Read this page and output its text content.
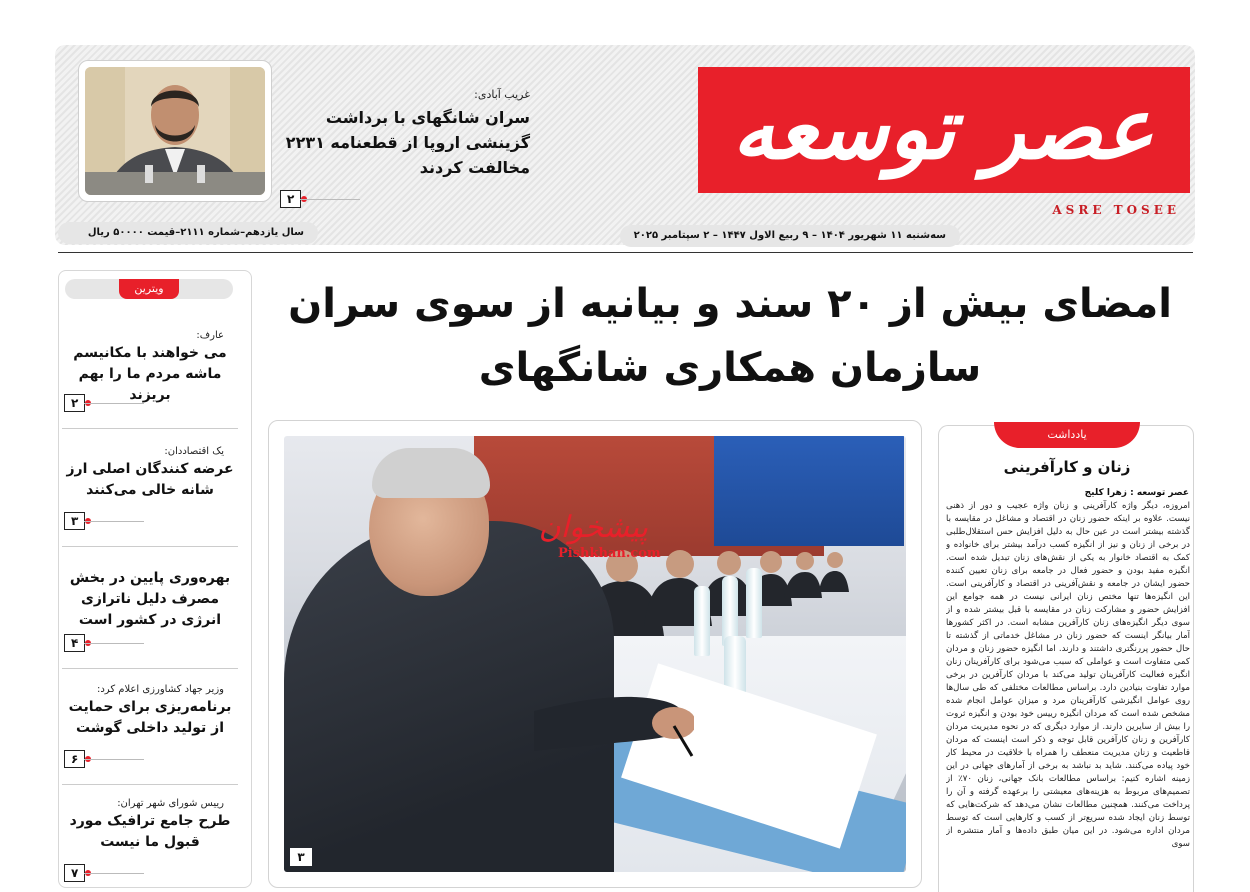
عصر توسعه
ASRE TOSEE
غریب آبادی:
سران شانگهای با برداشت گزینشی اروپا از قطعنامه ۲۲۳۱ مخالفت کردند
۲
سه‌شنبه ۱۱ شهریور ۱۴۰۴ – ۹ ربیع الاول ۱۴۴۷ – ۲ سپتامبر ۲۰۲۵
سال یازدهم–شماره ۲۱۱۱–قیمت ۵۰۰۰۰ ریال
ویترین
عارف:
می خواهند با مکانیسم ماشه مردم ما را بهم بریزند
۲
یک اقتصاددان:
عرضه کنندگان اصلی ارز شانه خالی می‌کنند
۳
بهره‌وری پایین در بخش مصرف دلیل ناترازی انرژی در کشور است
۴
وزیر جهاد کشاورزی اعلام کرد:
برنامه‌ریزی برای حمایت از تولید داخلی گوشت
۶
رییس شورای شهر تهران:
طرح جامع ترافیک مورد قبول ما نیست
۷
امضای بیش از ۲۰ سند و بیانیه از سوی سران
سازمان همکاری شانگهای
۳
پیشخوان
Pishkhan.com
یادداشت
زنان و کارآفرینی
عصر توسعه : زهرا کلیج
امروزه، دیگر واژه کارآفرینی و زنان واژه عجیب و دور از ذهنی نیست. علاوه بر اینکه حضور زنان در اقتصاد و مشاغل در مقایسه با گذشته بیشتر است در عین حال به دلیل افزایش حس استقلال‌طلبی در برخی از زنان و نیز از انگیزه کسب درآمد بیشتر برای خانواده و کمک به اقتصاد خانوار به یکی از نقش‌های زنان تبدیل شده است. انگیزه مفید بودن و حضور فعال در جامعه برای زنان تعیین کننده حضور ایشان در جامعه و نقش‌آفرینی در اقتصاد و کارآفرینی است. این انگیزه‌ها تنها مختص زنان ایرانی نیست در همه جوامع این افزایش حضور و مشارکت زنان در مقایسه با قبل بیشتر شده و از سوی دیگر انگیزه‌های زنان کارآفرین مشابه است. در اکثر کشورها آمار بیانگر اینست که حضور زنان در مشاغل خدماتی از گذشته تا حال حضور پررنگتری داشتند و دارند. اما انگیزه حضور زنان و مردان کمی متفاوت است و عواملی که سبب می‌شود برای کارآفرینان زنان انگیزه فعالیت کارآفرینان تولید می‌کند با مردان کارآفرین در برخی موارد تفاوت بنیادین دارد. براساس مطالعات مختلفی که طی سال‌ها روی عوامل انگیزشی کارآفرینان مرد و میزان عوامل انجام شده مشخص شده است که مردان انگیزه رییس خود بودن و انگیزه ثروت را بیش از سایرین دارند. از موارد دیگری که در نحوه مدیریت مردان کارآفرین و زنان کارآفرین قابل توجه و ذکر است اینست که مردان قاطعیت و زنان مدیریت منعطف را همراه با خلاقیت در محیط کار خود پیاده می‌کنند. شاید بد نباشد به برخی از آمارهای جهانی در این زمینه اشاره کنیم: براساس مطالعات بانک جهانی، زنان ۷۰٪ از تصمیم‌های مربوط به هزینه‌های معیشتی را برعهده گرفته و آن را پرداخت می‌کنند. همچنین مطالعات نشان می‌دهد که شرکت‌هایی که توسط زنان ایجاد شده سریع‌تر از کسب و کارهایی است که توسط مردان اداره می‌شود. در این میان طبق داده‌ها و آمار منتشره از سوی
